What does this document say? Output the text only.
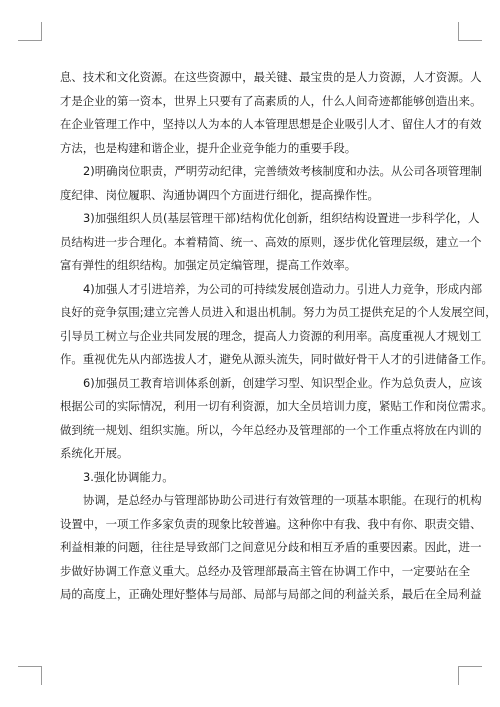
息、技术和文化资源。在这些资源中，最关键、最宝贵的是人力资源，人才资源。人
才是企业的第一资本，世界上只要有了高素质的人，什么人间奇迹都能够创造出来。
在企业管理工作中，坚持以人为本的人本管理思想是企业吸引人才、留住人才的有效
方法，也是构建和谐企业，提升企业竞争能力的重要手段。
2)明确岗位职责，严明劳动纪律，完善绩效考核制度和办法。从公司各项管理制
度纪律、岗位履职、沟通协调四个方面进行细化，提高操作性。
3)加强组织人员(基层管理干部)结构优化创新，组织结构设置进一步科学化，人
员结构进一步合理化。本着精简、统一、高效的原则，逐步优化管理层级，建立一个
富有弹性的组织结构。加强定员定编管理，提高工作效率。
4)加强人才引进培养，为公司的可持续发展创造动力。引进人力竞争，形成内部
良好的竞争氛围;建立完善人员进入和退出机制。努力为员工提供充足的个人发展空间，
引导员工树立与企业共同发展的理念，提高人力资源的利用率。高度重视人才规划工
作。重视优先从内部选拔人才，避免从源头流失，同时做好骨干人才的引进储备工作。
6)加强员工教育培训体系创新，创建学习型、知识型企业。作为总负责人，应该
根据公司的实际情况，利用一切有利资源，加大全员培训力度，紧贴工作和岗位需求。
做到统一规划、组织实施。所以，今年总经办及管理部的一个工作重点将放在内训的
系统化开展。
3.强化协调能力。
协调，是总经办与管理部协助公司进行有效管理的一项基本职能。在现行的机构
设置中，一项工作多家负责的现象比较普遍。这种你中有我、我中有你、职责交错、
利益相兼的问题，往往是导致部门之间意见分歧和相互矛盾的重要因素。因此，进一
步做好协调工作意义重大。总经办及管理部最高主管在协调工作中，一定要站在全
局的高度上，正确处理好整体与局部、局部与局部之间的利益关系，最后在全局利益
